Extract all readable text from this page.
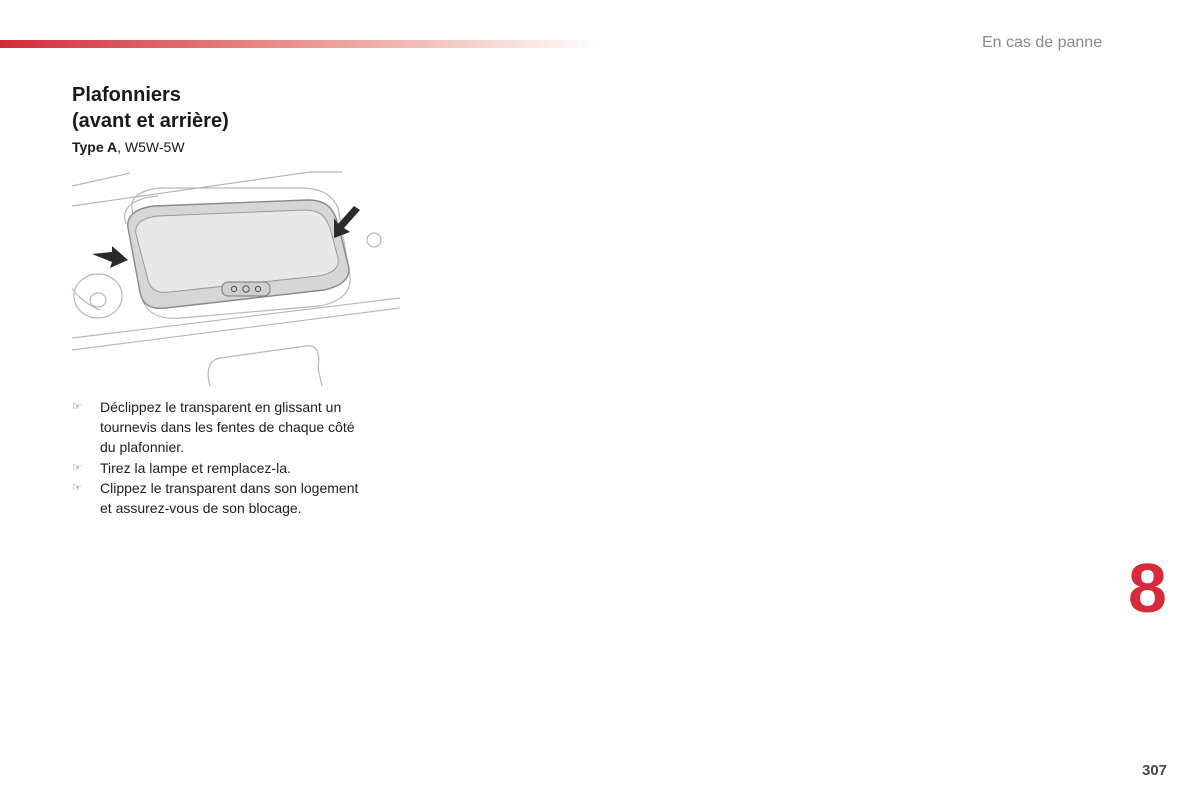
En cas de panne
Plafonniers
(avant et arrière)
Type A, W5W-5W
☞ Déclippez le transparent en glissant un
tournevis dans les fentes de chaque côté
du plafonnier.
☞ Tirez la lampe et remplacez-la.
☞ Clippez le transparent dans son logement
et assurez-vous de son blocage.
8
307
